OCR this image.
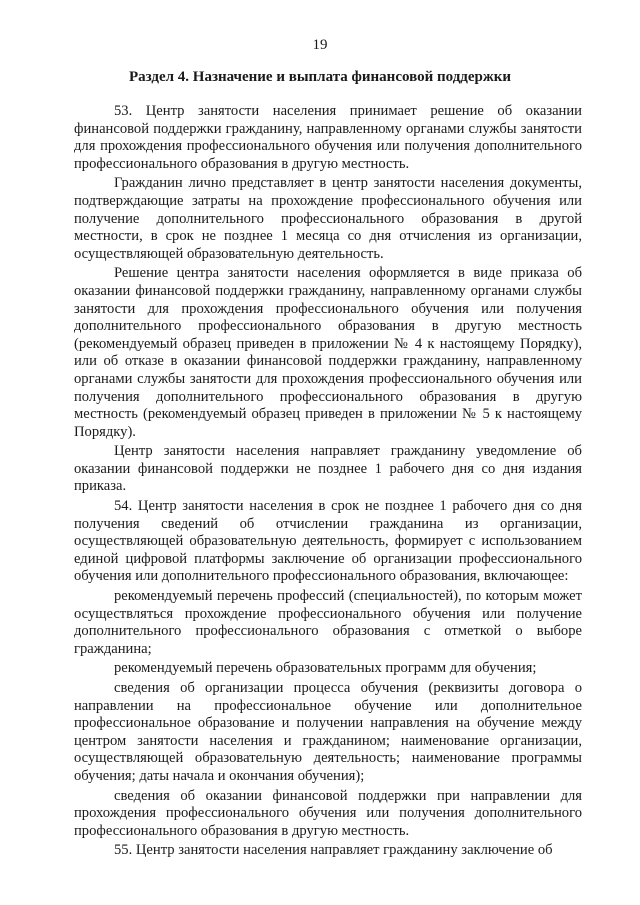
19
Раздел 4. Назначение и выплата финансовой поддержки

53. Центр занятости населения принимает решение об оказании финансовой поддержки гражданину, направленному органами службы занятости для прохождения профессионального обучения или получения дополнительного профессионального образования в другую местность.

Гражданин лично представляет в центр занятости населения документы, подтверждающие затраты на прохождение профессионального обучения или получение дополнительного профессионального образования в другой местности, в срок не позднее 1 месяца со дня отчисления из организации, осуществляющей образовательную деятельность.

Решение центра занятости населения оформляется в виде приказа об оказании финансовой поддержки гражданину, направленному органами службы занятости для прохождения профессионального обучения или получения дополнительного профессионального образования в другую местность (рекомендуемый образец приведен в приложении № 4 к настоящему Порядку), или об отказе в оказании финансовой поддержки гражданину, направленному органами службы занятости для прохождения профессионального обучения или получения дополнительного профессионального образования в другую местность (рекомендуемый образец приведен в приложении № 5 к настоящему Порядку).

Центр занятости населения направляет гражданину уведомление об оказании финансовой поддержки не позднее 1 рабочего дня со дня издания приказа.

54. Центр занятости населения в срок не позднее 1 рабочего дня со дня получения сведений об отчислении гражданина из организации, осуществляющей образовательную деятельность, формирует с использованием единой цифровой платформы заключение об организации профессионального обучения или дополнительного профессионального образования, включающее:

рекомендуемый перечень профессий (специальностей), по которым может осуществляться прохождение профессионального обучения или получение дополнительного профессионального образования с отметкой о выборе гражданина;

рекомендуемый перечень образовательных программ для обучения;

сведения об организации процесса обучения (реквизиты договора о направлении на профессиональное обучение или дополнительное профессиональное образование и получении направления на обучение между центром занятости населения и гражданином; наименование организации, осуществляющей образовательную деятельность; наименование программы обучения; даты начала и окончания обучения);

сведения об оказании финансовой поддержки при направлении для прохождения профессионального обучения или получения дополнительного профессионального образования в другую местность.

55. Центр занятости населения направляет гражданину заключение об
